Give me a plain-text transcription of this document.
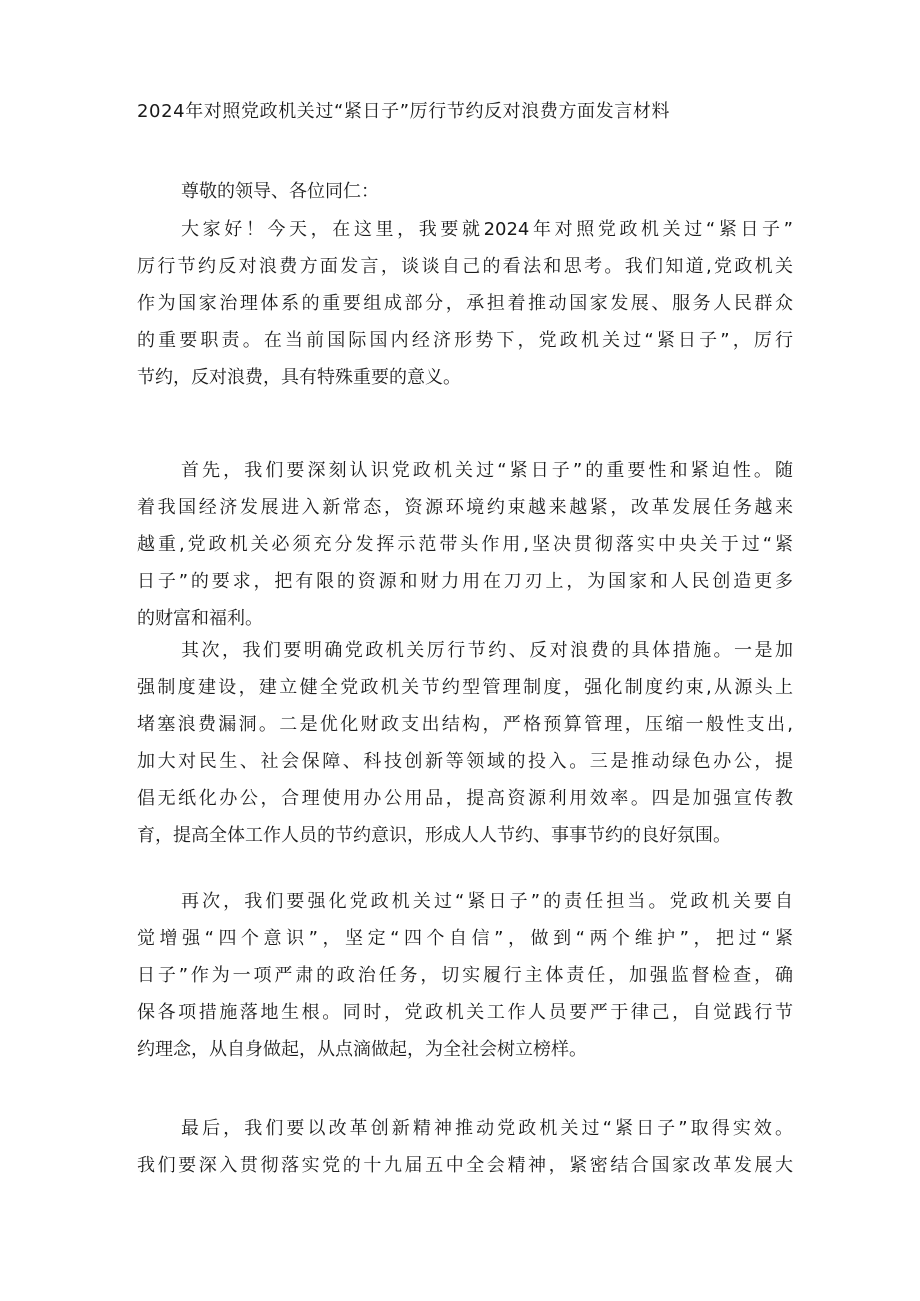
2024年对照党政机关过“紧日子”厉行节约反对浪费方面发言材料
尊敬的领导、各位同仁：
大家好！今天，在这里，我要就2024年对照党政机关过“紧日子”
厉行节约反对浪费方面发言，谈谈自己的看法和思考。我们知道,党政机关
作为国家治理体系的重要组成部分，承担着推动国家发展、服务人民群众
的重要职责。在当前国际国内经济形势下，党政机关过“紧日子”，厉行
节约，反对浪费，具有特殊重要的意义。
首先，我们要深刻认识党政机关过“紧日子”的重要性和紧迫性。随
着我国经济发展进入新常态，资源环境约束越来越紧，改革发展任务越来
越重,党政机关必须充分发挥示范带头作用,坚决贯彻落实中央关于过“紧
日子”的要求，把有限的资源和财力用在刀刃上，为国家和人民创造更多
的财富和福利。
其次，我们要明确党政机关厉行节约、反对浪费的具体措施。一是加
强制度建设，建立健全党政机关节约型管理制度，强化制度约束,从源头上
堵塞浪费漏洞。二是优化财政支出结构，严格预算管理，压缩一般性支出,
加大对民生、社会保障、科技创新等领域的投入。三是推动绿色办公，提
倡无纸化办公，合理使用办公用品，提高资源利用效率。四是加强宣传教
育，提高全体工作人员的节约意识，形成人人节约、事事节约的良好氛围。
再次，我们要强化党政机关过“紧日子”的责任担当。党政机关要自
觉增强“四个意识”，坚定“四个自信”，做到“两个维护”，把过“紧
日子”作为一项严肃的政治任务，切实履行主体责任，加强监督检查，确
保各项措施落地生根。同时，党政机关工作人员要严于律己，自觉践行节
约理念，从自身做起，从点滴做起，为全社会树立榜样。
最后，我们要以改革创新精神推动党政机关过“紧日子”取得实效。
我们要深入贯彻落实党的十九届五中全会精神，紧密结合国家改革发展大
